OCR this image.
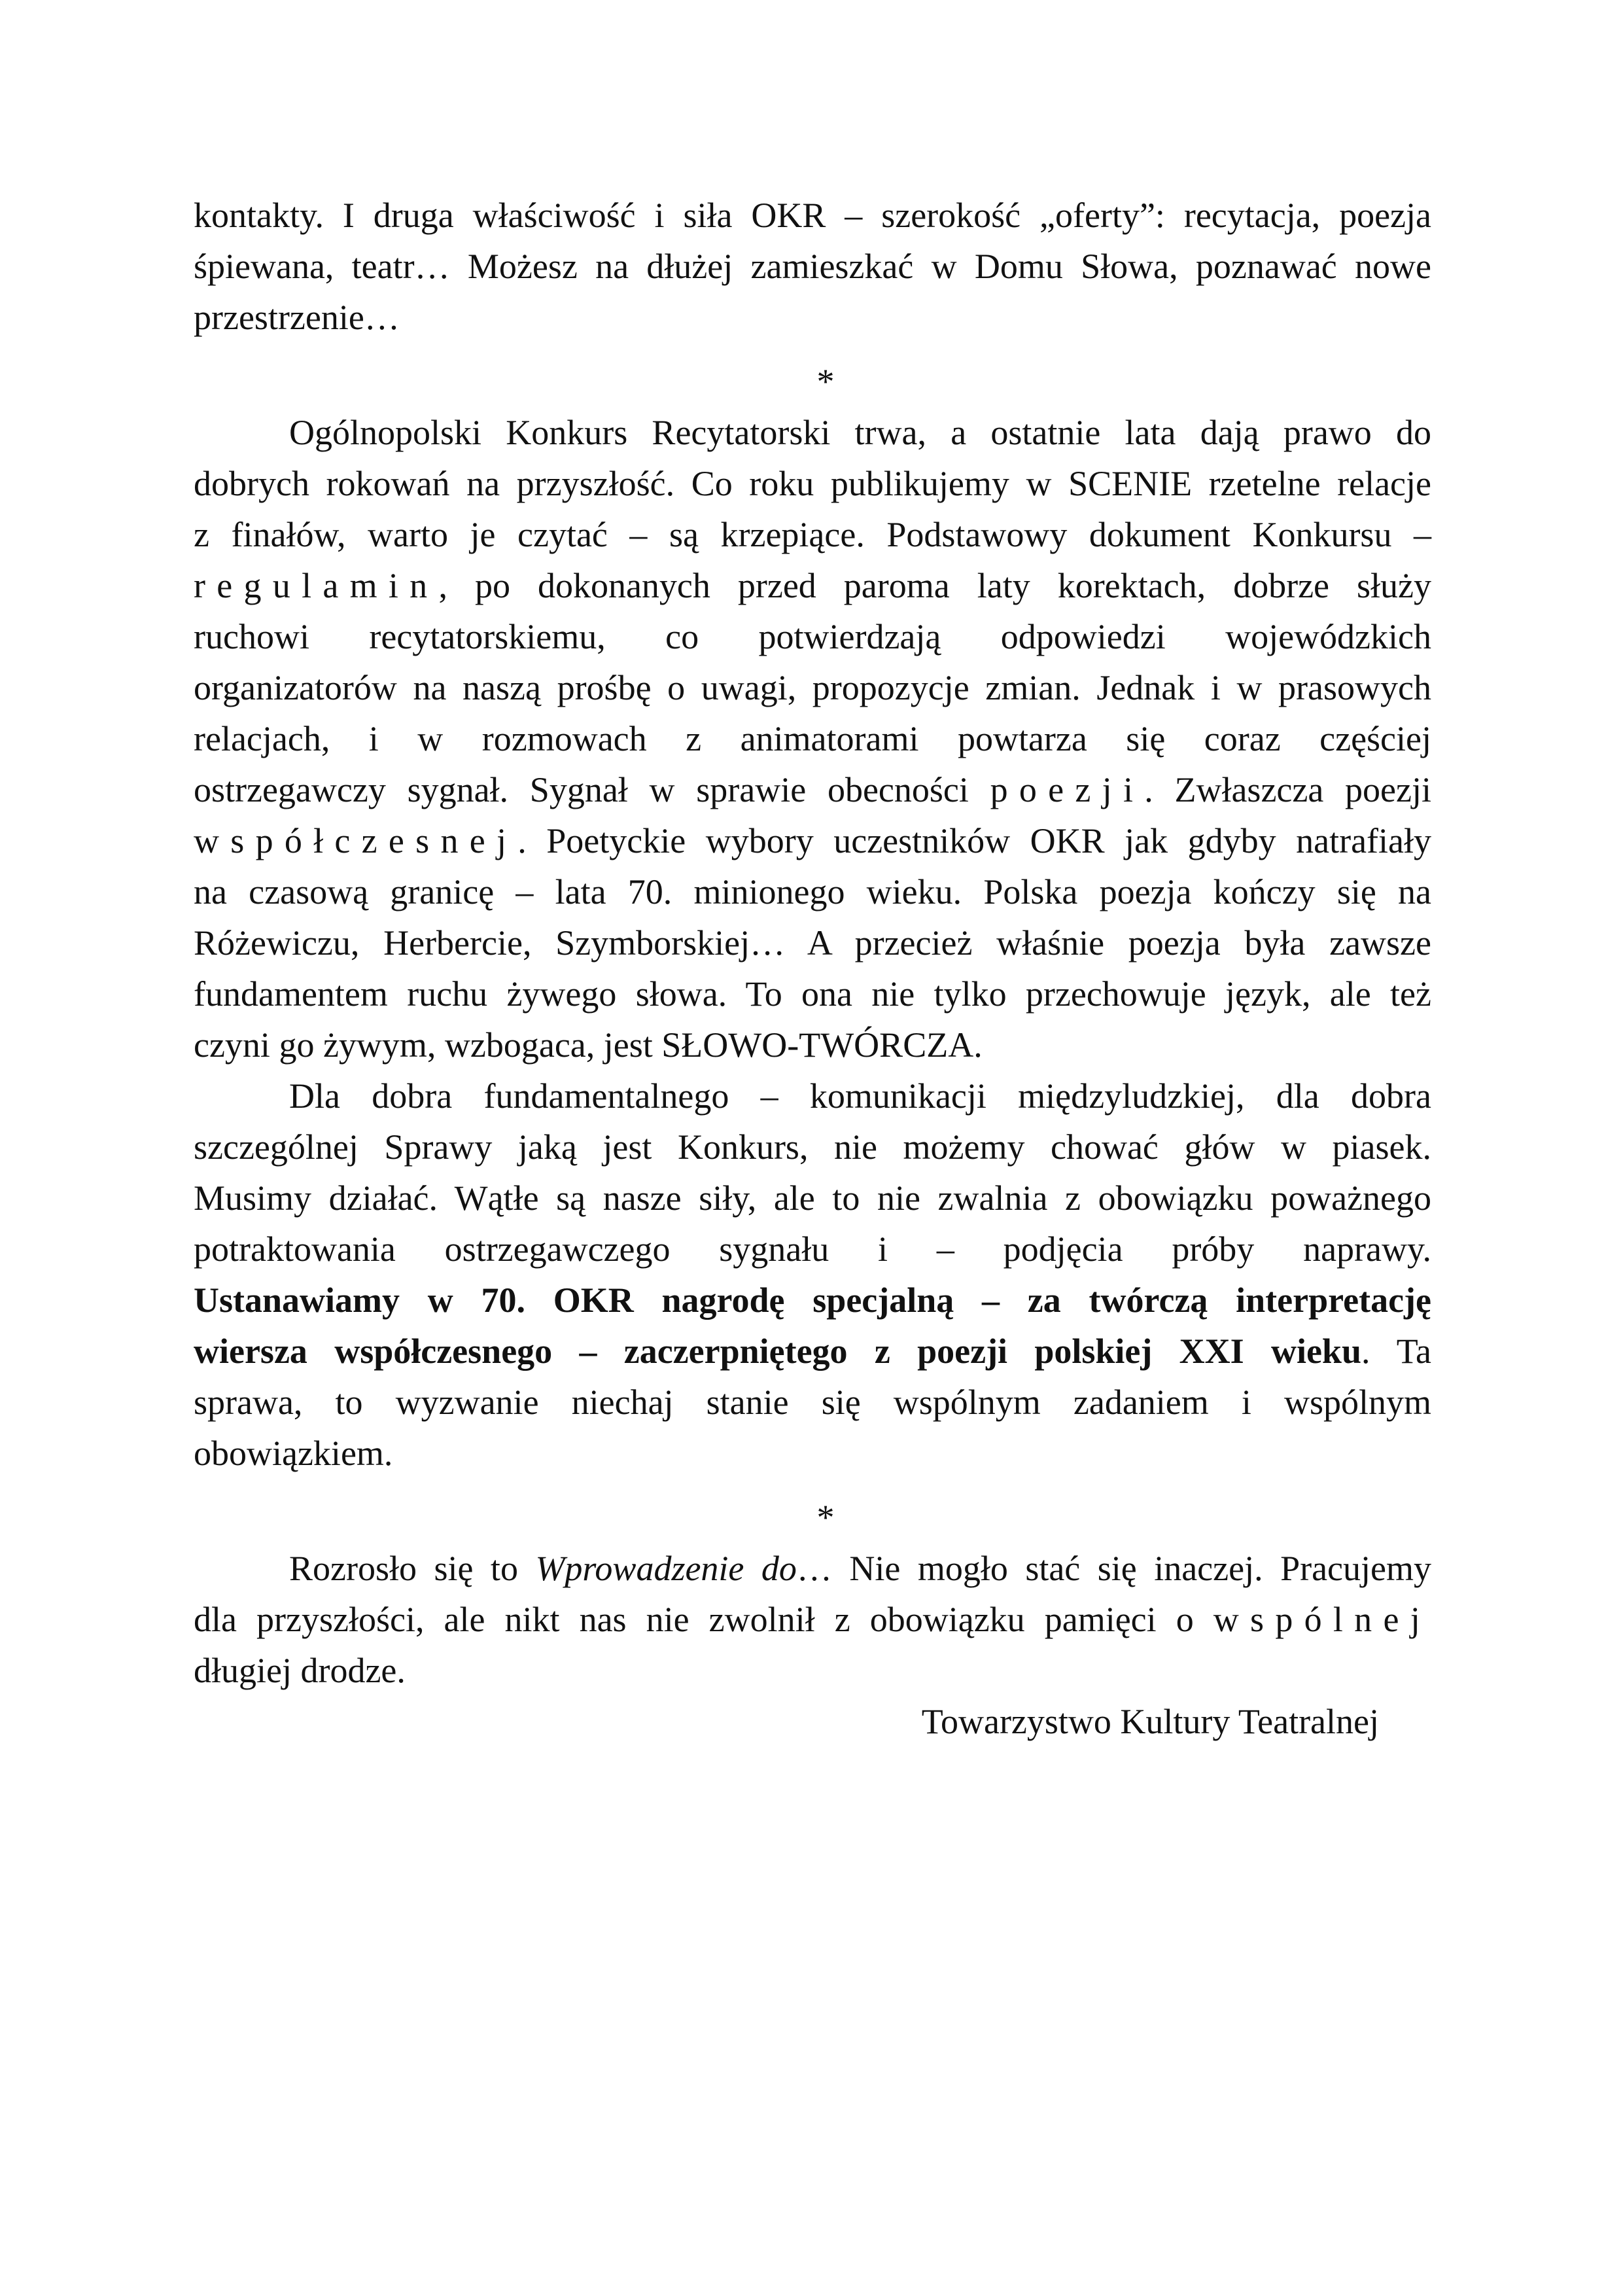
kontakty. I druga właściwość i siła OKR – szerokość „oferty”: recytacja, poezja
śpiewana, teatr… Możesz na dłużej zamieszkać w Domu Słowa, poznawać nowe
przestrzenie…
*
Ogólnopolski Konkurs Recytatorski trwa, a ostatnie lata dają prawo do
dobrych rokowań na przyszłość. Co roku publikujemy w SCENIE rzetelne relacje
z finałów, warto je czytać – są krzepiące. Podstawowy dokument Konkursu –
regulamin, po dokonanych przed paroma laty korektach, dobrze służy
ruchowi recytatorskiemu, co potwierdzają odpowiedzi wojewódzkich
organizatorów na naszą prośbę o uwagi, propozycje zmian. Jednak i w prasowych
relacjach, i w rozmowach z animatorami powtarza się coraz częściej
ostrzegawczy sygnał. Sygnał w sprawie obecności poezji. Zwłaszcza poezji
współczesnej. Poetyckie wybory uczestników OKR jak gdyby natrafiały
na czasową granicę – lata 70. minionego wieku. Polska poezja kończy się na
Różewiczu, Herbercie, Szymborskiej… A przecież właśnie poezja była zawsze
fundamentem ruchu żywego słowa. To ona nie tylko przechowuje język, ale też
czyni go żywym, wzbogaca, jest SŁOWO-TWÓRCZA.
Dla dobra fundamentalnego – komunikacji międzyludzkiej, dla dobra
szczególnej Sprawy jaką jest Konkurs, nie możemy chować głów w piasek.
Musimy działać. Wątłe są nasze siły, ale to nie zwalnia z obowiązku poważnego
potraktowania ostrzegawczego sygnału i – podjęcia próby naprawy.
Ustanawiamy w 70. OKR nagrodę specjalną – za twórczą interpretację
wiersza współczesnego – zaczerpniętego z poezji polskiej XXI wieku. Ta
sprawa, to wyzwanie niechaj stanie się wspólnym zadaniem i wspólnym
obowiązkiem.
*
Rozrosło się to Wprowadzenie do… Nie mogło stać się inaczej. Pracujemy
dla przyszłości, ale nikt nas nie zwolnił z obowiązku pamięci o wspólnej
długiej drodze.
Towarzystwo Kultury Teatralnej
